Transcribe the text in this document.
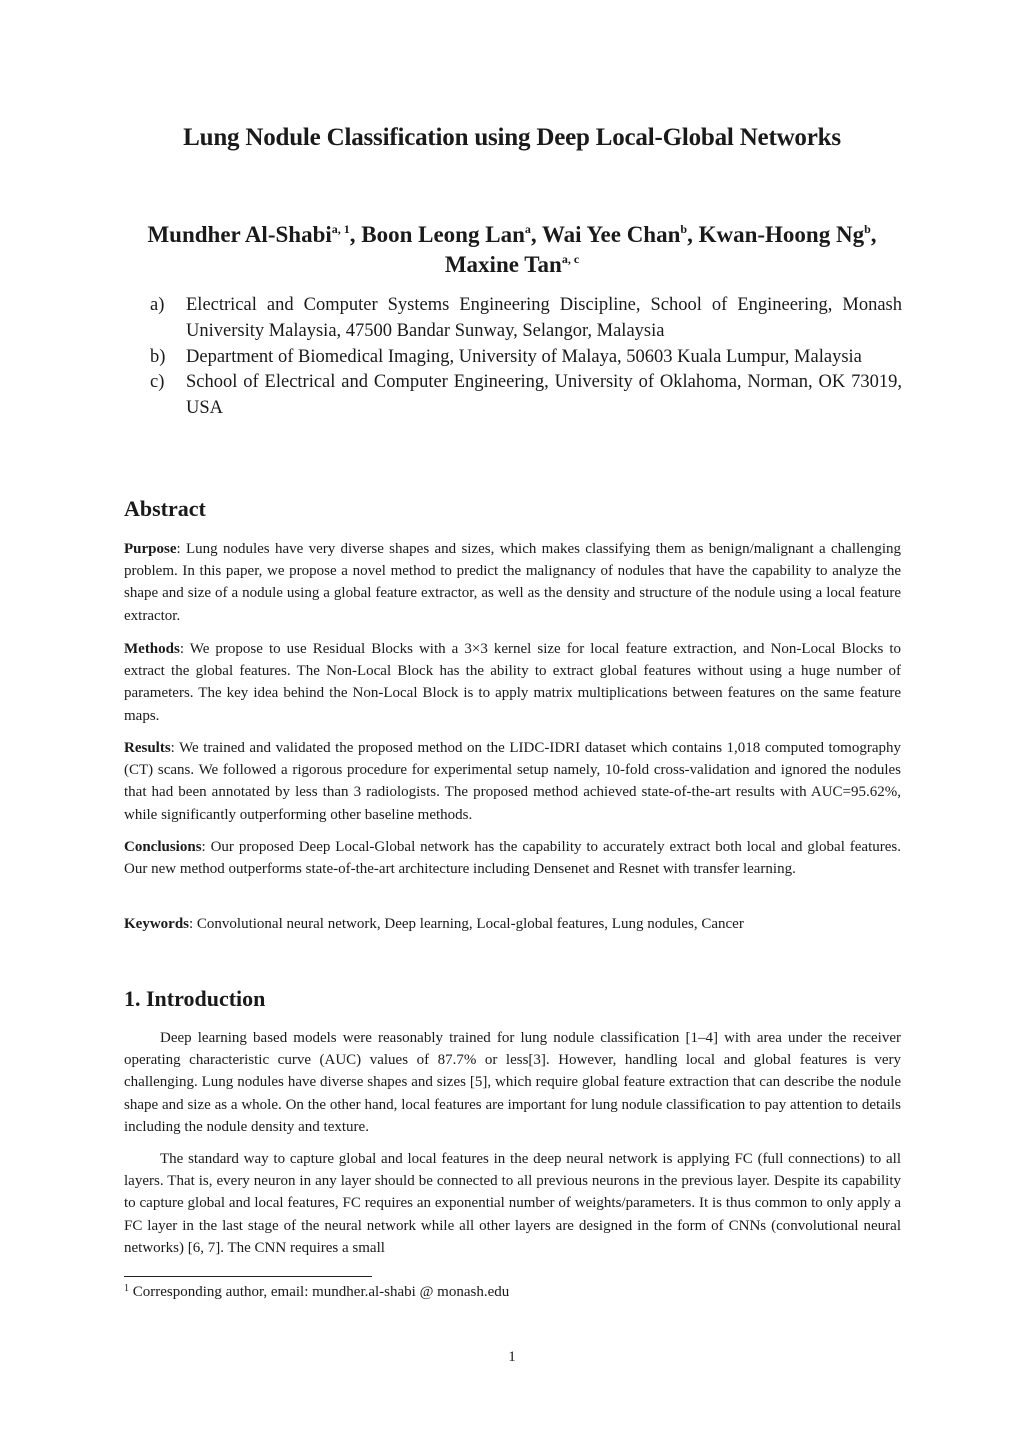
Lung Nodule Classification using Deep Local-Global Networks
Mundher Al-Shabi$^{a, 1}$, Boon Leong Lan$^a$, Wai Yee Chan$^b$, Kwan-Hoong Ng$^b$, Maxine Tan$^{a, c}$
a)	Electrical and Computer Systems Engineering Discipline, School of Engineering, Monash University Malaysia, 47500 Bandar Sunway, Selangor, Malaysia
b)	Department of Biomedical Imaging, University of Malaya, 50603 Kuala Lumpur, Malaysia
c)	School of Electrical and Computer Engineering, University of Oklahoma, Norman, OK 73019, USA
Abstract

Purpose: Lung nodules have very diverse shapes and sizes, which makes classifying them as benign/malignant a challenging problem. In this paper, we propose a novel method to predict the malignancy of nodules that have the capability to analyze the shape and size of a nodule using a global feature extractor, as well as the density and structure of the nodule using a local feature extractor.

Methods: We propose to use Residual Blocks with a 3×3 kernel size for local feature extraction, and Non-Local Blocks to extract the global features. The Non-Local Block has the ability to extract global features without using a huge number of parameters. The key idea behind the Non-Local Block is to apply matrix multiplications between features on the same feature maps.

Results: We trained and validated the proposed method on the LIDC-IDRI dataset which contains 1,018 computed tomography (CT) scans. We followed a rigorous procedure for experimental setup namely, 10-fold cross-validation and ignored the nodules that had been annotated by less than 3 radiologists. The proposed method achieved state-of-the-art results with AUC=95.62%, while significantly outperforming other baseline methods.

Conclusions: Our proposed Deep Local-Global network has the capability to accurately extract both local and global features. Our new method outperforms state-of-the-art architecture including Densenet and Resnet with transfer learning.

Keywords: Convolutional neural network, Deep learning, Local-global features, Lung nodules, Cancer

1. Introduction

Deep learning based models were reasonably trained for lung nodule classification [1–4] with area under the receiver operating characteristic curve (AUC) values of 87.7% or less[3]. However, handling local and global features is very challenging. Lung nodules have diverse shapes and sizes [5], which require global feature extraction that can describe the nodule shape and size as a whole. On the other hand, local features are important for lung nodule classification to pay attention to details including the nodule density and texture.

The standard way to capture global and local features in the deep neural network is applying FC (full connections) to all layers. That is, every neuron in any layer should be connected to all previous neurons in the previous layer. Despite its capability to capture global and local features, FC requires an exponential number of weights/parameters. It is thus common to only apply a FC layer in the last stage of the neural network while all other layers are designed in the form of CNNs (convolutional neural networks) [6, 7]. The CNN requires a small

$^1$ Corresponding author, email: mundher.al-shabi @ monash.edu
1
